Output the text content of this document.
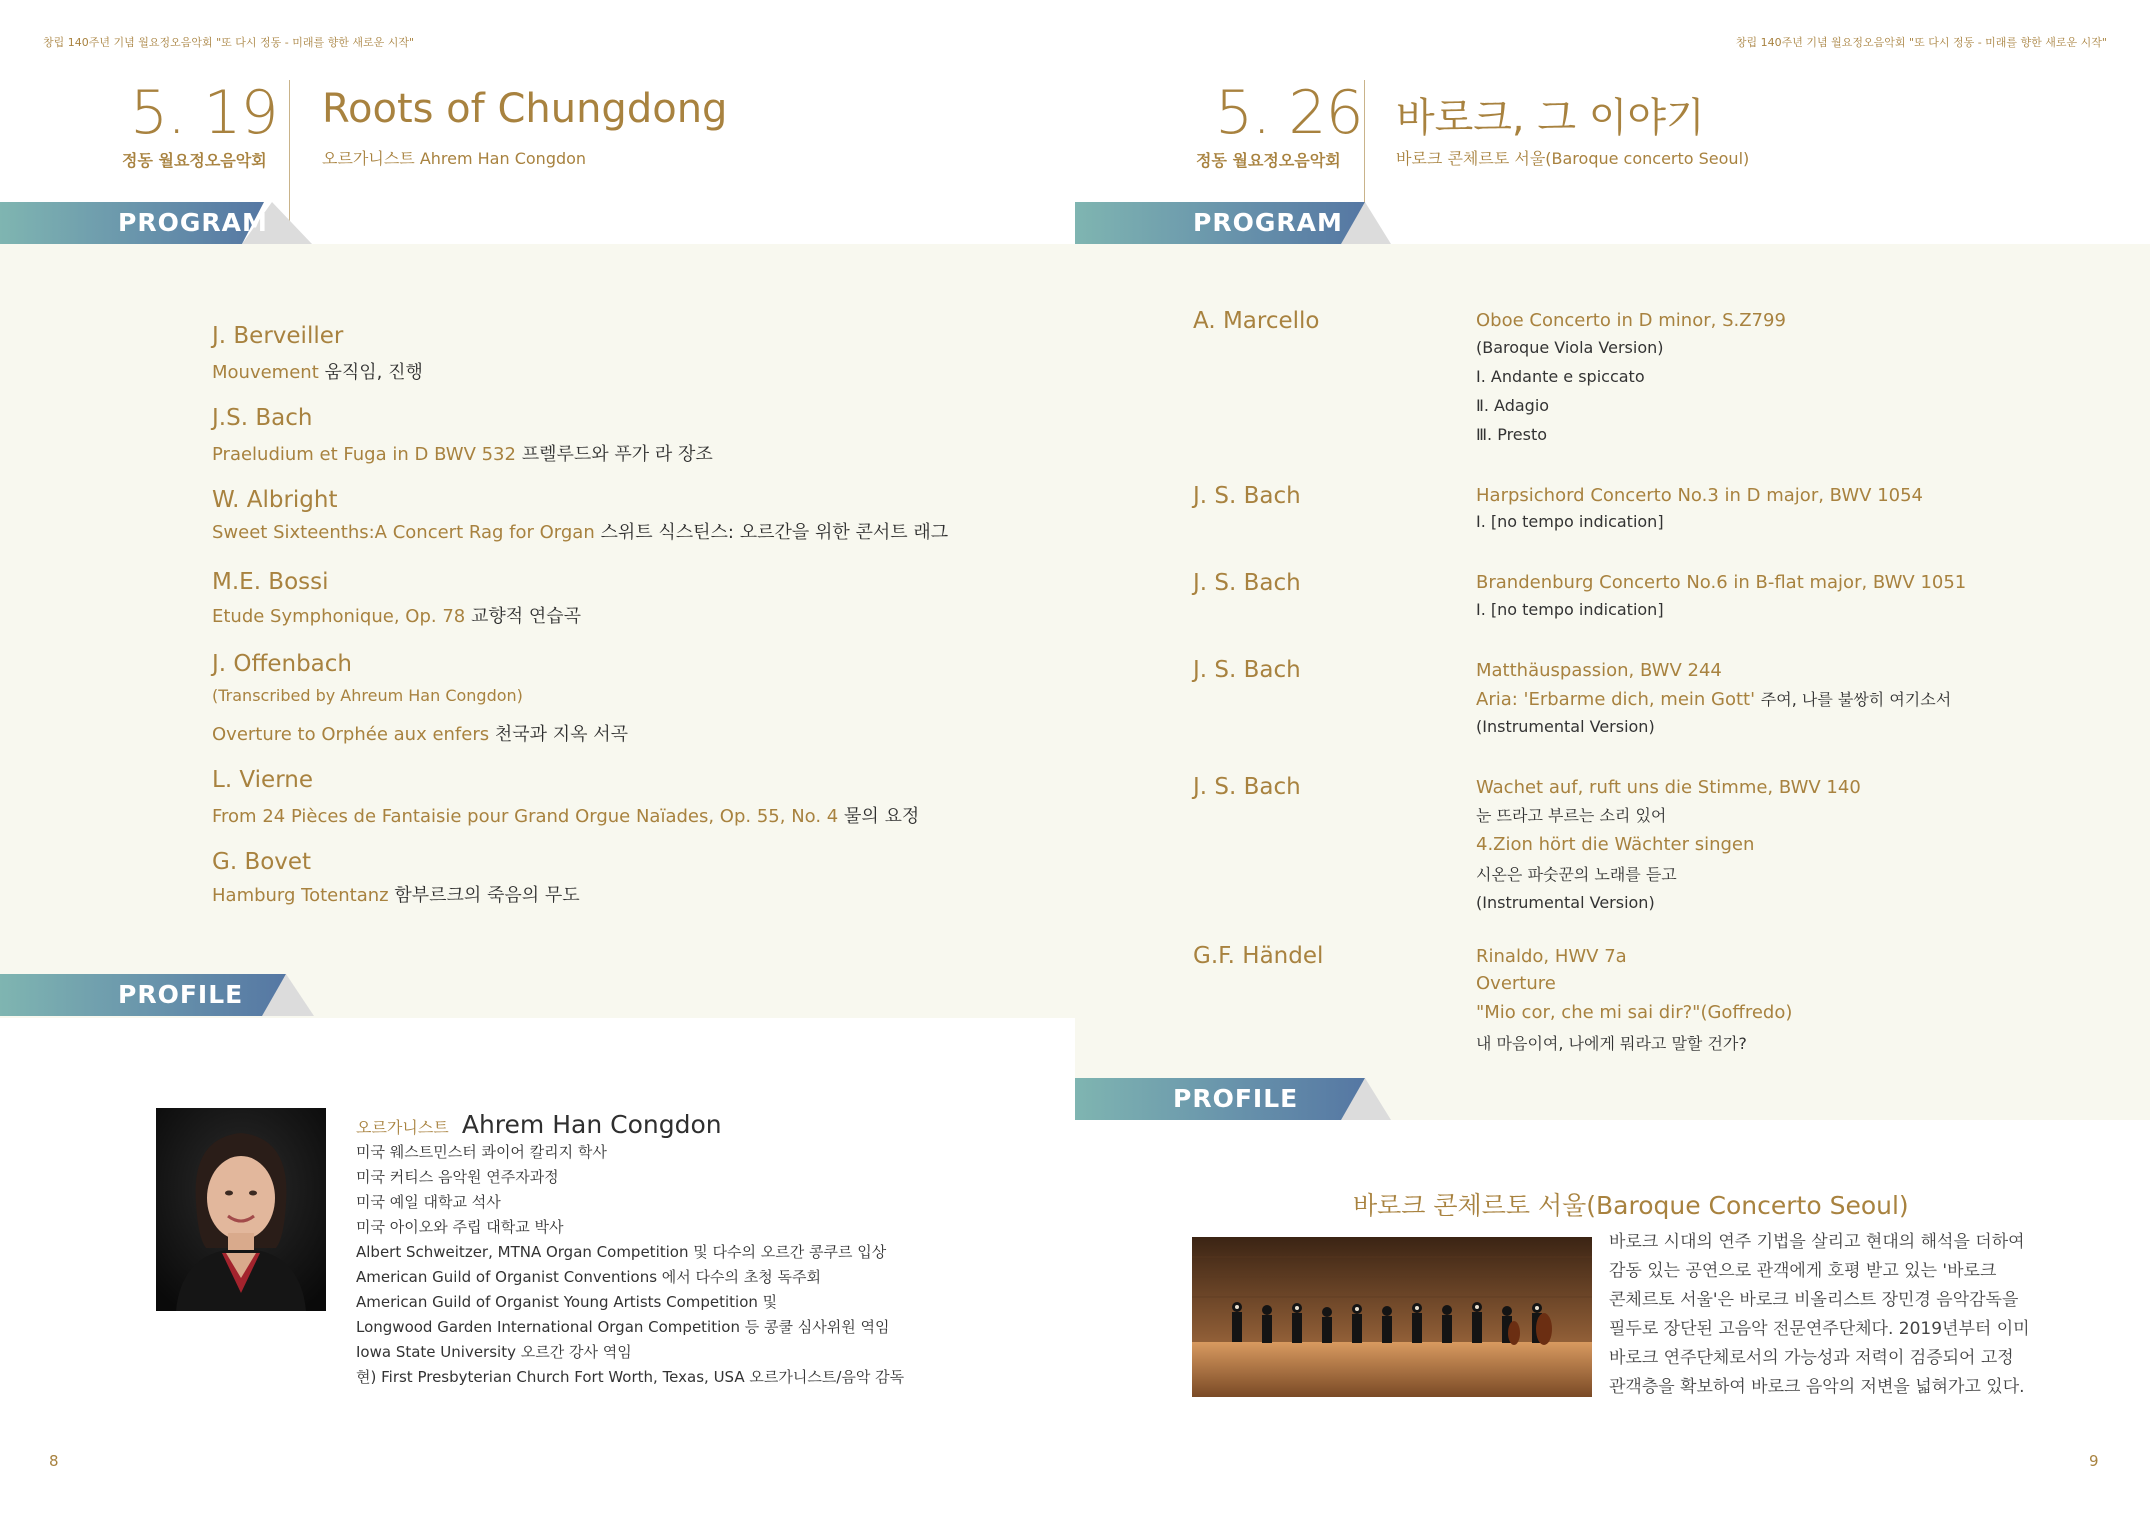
창립 140주년 기념 월요정오음악회 "또 다시 정동 - 미래를 향한 새로운 시작"
5. 19
정동 월요정오음악회
Roots of Chungdong
오르가니스트 Ahrem Han Congdon
PROGRAM
J. Berveiller
Mouvement 움직임, 진행
J.S. Bach
Praeludium et Fuga in D BWV 532 프렐루드와 푸가 라 장조
W. Albright
Sweet Sixteenths:A Concert Rag for Organ 스위트 식스틴스: 오르간을 위한 콘서트 래그
M.E. Bossi
Etude Symphonique, Op. 78 교향적 연습곡
J. Offenbach
(Transcribed by Ahreum Han Congdon)
Overture to Orphée aux enfers 천국과 지옥 서곡
L. Vierne
From 24 Pièces de Fantaisie pour Grand Orgue Naïades, Op. 55, No. 4 물의 요정
G. Bovet
Hamburg Totentanz 함부르크의 죽음의 무도
PROFILE
오르가니스트 Ahrem Han Congdon
미국 웨스트민스터 콰이어 칼리지 학사
미국 커티스 음악원 연주자과정
미국 예일 대학교 석사
미국 아이오와 주립 대학교 박사
Albert Schweitzer, MTNA Organ Competition 및 다수의 오르간 콩쿠르 입상
American Guild of Organist Conventions 에서 다수의 초청 독주회
American Guild of Organist Young Artists Competition 및
Longwood Garden International Organ Competition 등 콩쿨 심사위원 역임
Iowa State University 오르간 강사 역임
현) First Presbyterian Church Fort Worth, Texas, USA 오르가니스트/음악 감독
8
창립 140주년 기념 월요정오음악회 "또 다시 정동 - 미래를 향한 새로운 시작"
5. 26
정동 월요정오음악회
바로크, 그 이야기
바로크 콘체르토 서울(Baroque concerto Seoul)
PROGRAM
A. Marcello	Oboe Concerto in D minor, S.Z799
(Baroque Viola Version)
Ⅰ. Andante e spiccato
Ⅱ. Adagio
Ⅲ. Presto
J. S. Bach	Harpsichord Concerto No.3 in D major, BWV 1054
Ⅰ. [no tempo indication]
J. S. Bach	Brandenburg Concerto No.6 in B-flat major, BWV 1051
Ⅰ. [no tempo indication]
J. S. Bach	Matthäuspassion, BWV 244
Aria: 'Erbarme dich, mein Gott' 주여, 나를 불쌍히 여기소서
(Instrumental Version)
J. S. Bach	Wachet auf, ruft uns die Stimme, BWV 140
눈 뜨라고 부르는 소리 있어
4.Zion hört die Wächter singen
시온은 파숫꾼의 노래를 듣고
(Instrumental Version)
G.F. Händel	Rinaldo, HWV 7a
Overture
"Mio cor, che mi sai dir?"(Goffredo)
내 마음이여, 나에게 뭐라고 말할 건가?
PROFILE
바로크 콘체르토 서울(Baroque Concerto Seoul)
바로크 시대의 연주 기법을 살리고 현대의 해석을 더하여
감동 있는 공연으로 관객에게 호평 받고 있는 '바로크
콘체르토 서울'은 바로크 비올리스트 장민경 음악감독을
필두로 장단된 고음악 전문연주단체다. 2019년부터 이미
바로크 연주단체로서의 가능성과 저력이 검증되어 고정
관객층을 확보하여 바로크 음악의 저변을 넓혀가고 있다.
9
